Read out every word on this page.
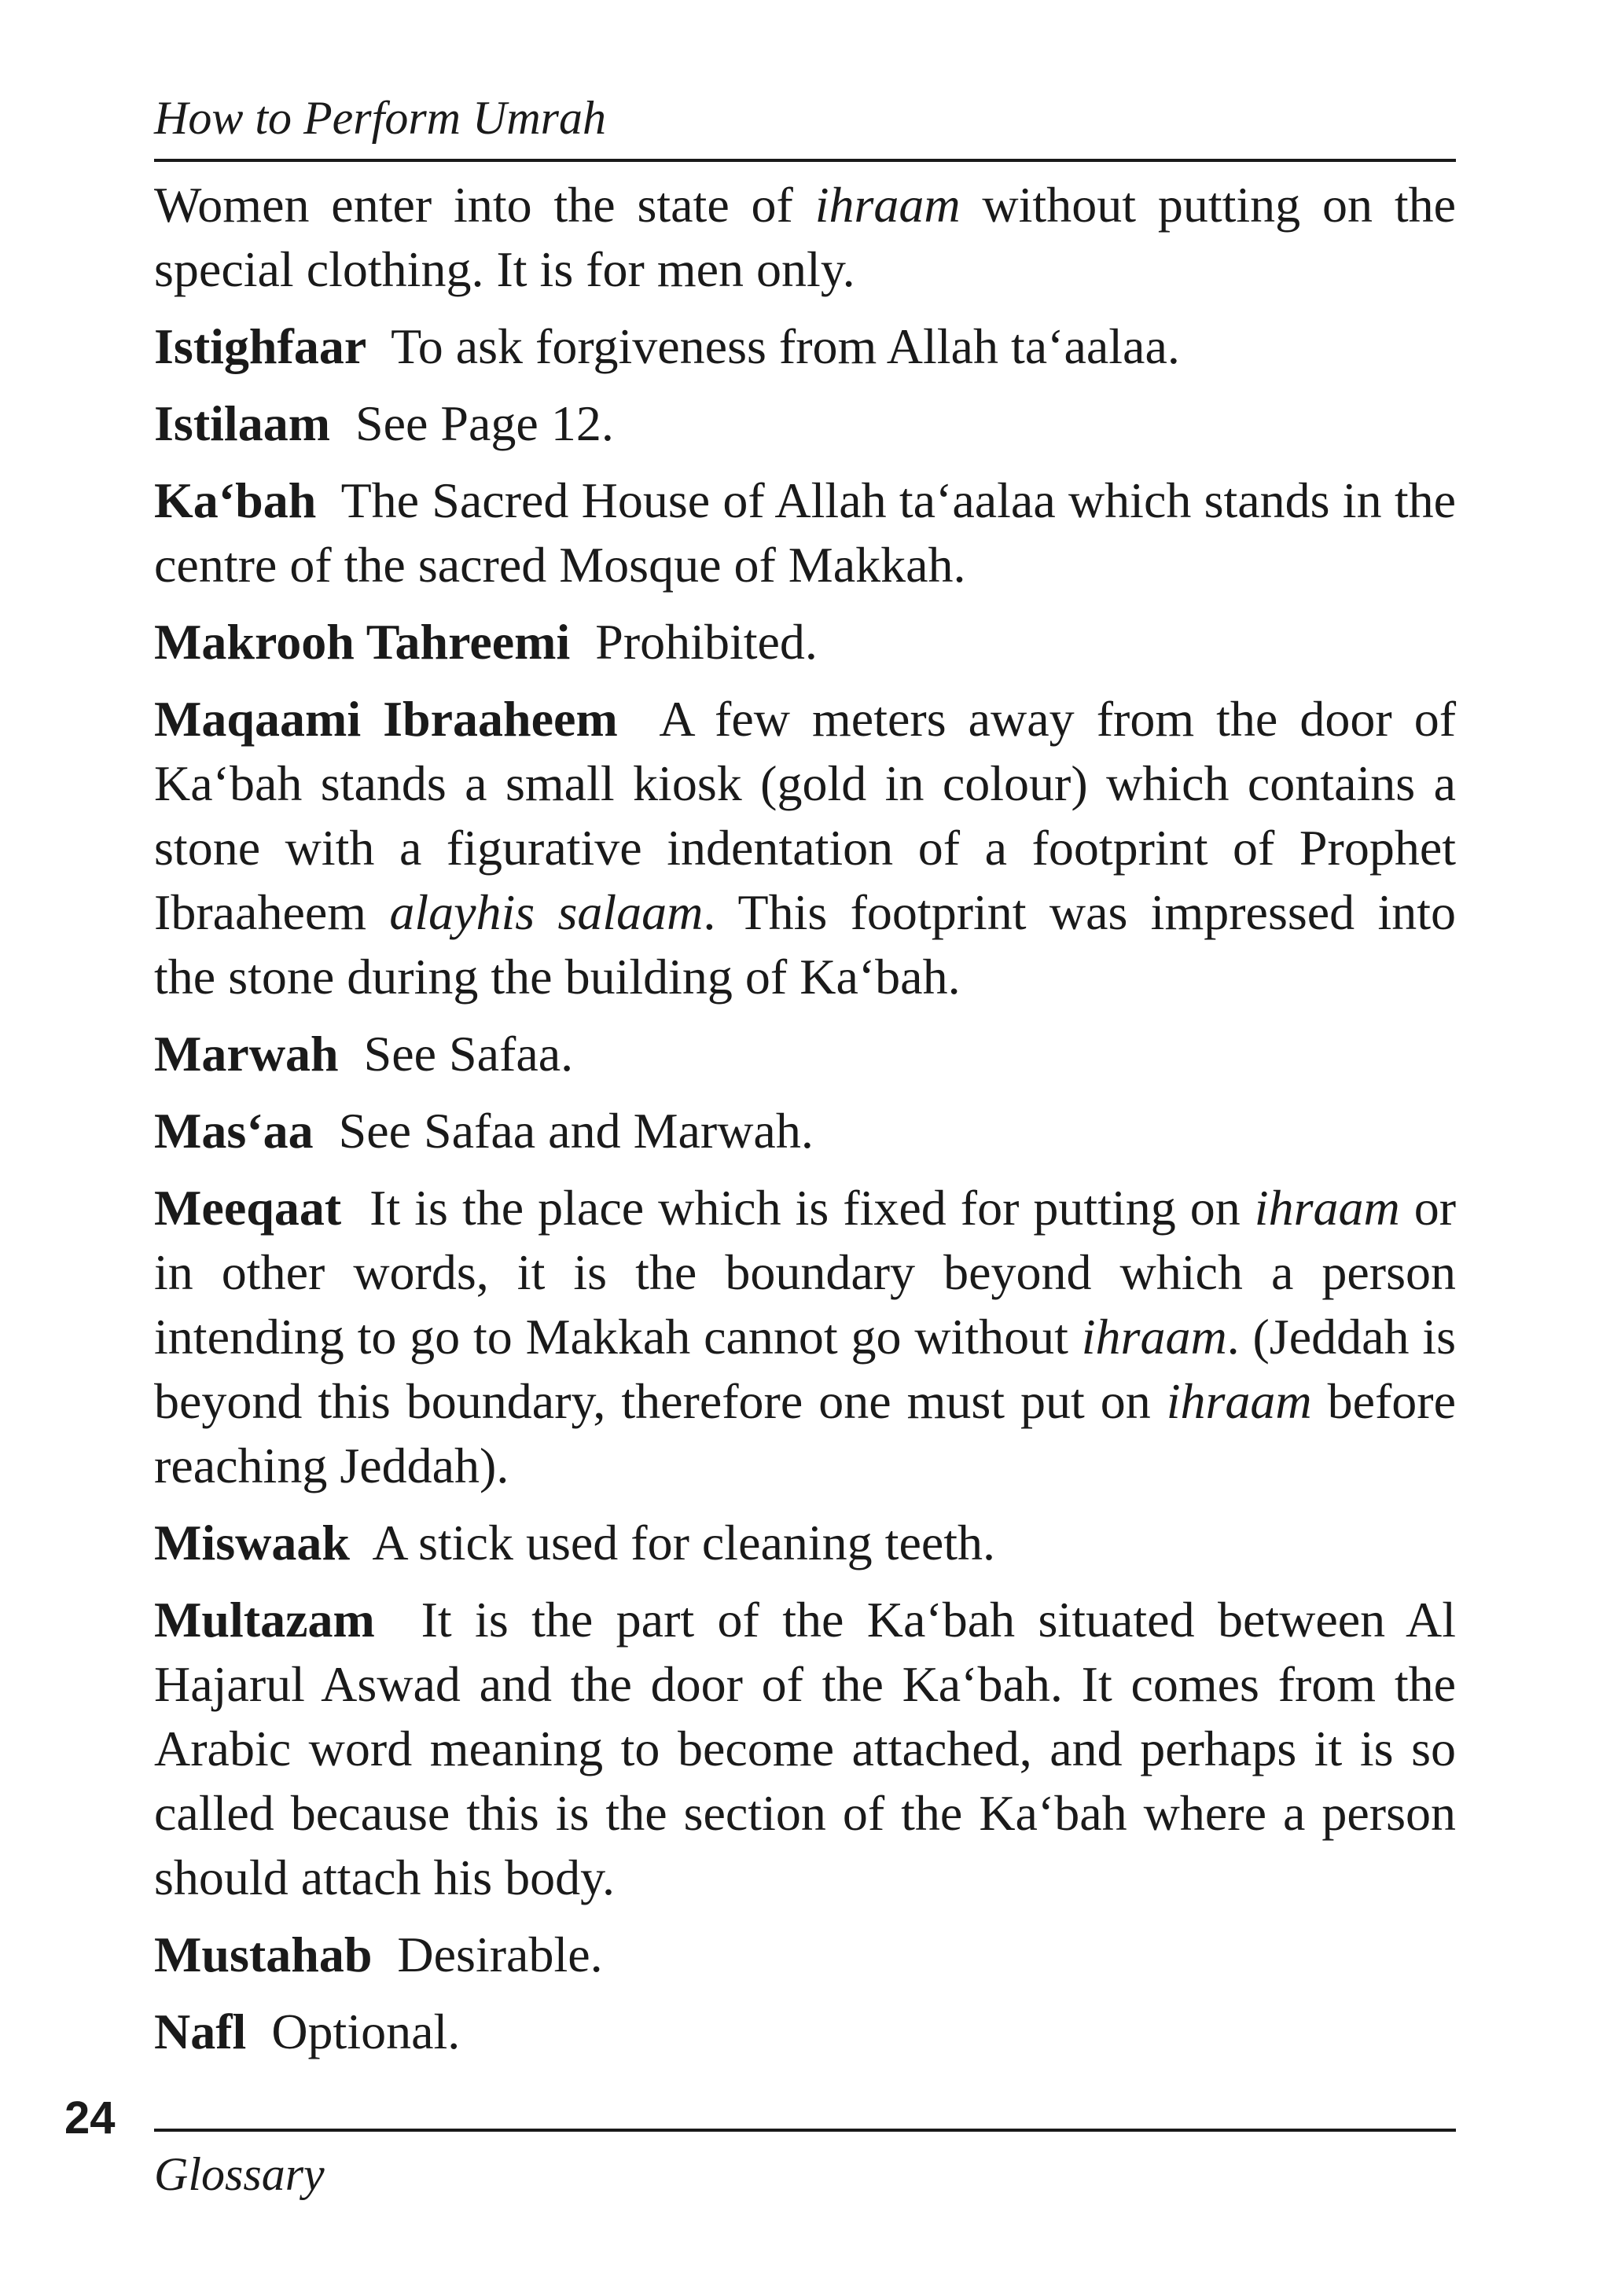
How to Perform Umrah

Women enter into the state of ihraam without putting on the special clothing. It is for men only.

Istighfaar To ask forgiveness from Allah ta‘aalaa.

Istilaam See Page 12.

Ka‘bah The Sacred House of Allah ta‘aalaa which stands in the centre of the sacred Mosque of Makkah.

Makrooh Tahreemi Prohibited.

Maqaami Ibraaheem A few meters away from the door of Ka‘bah stands a small kiosk (gold in colour) which contains a stone with a figurative indentation of a footprint of Prophet Ibraaheem alayhis salaam. This footprint was impressed into the stone during the building of Ka‘bah.

Marwah See Safaa.

Mas‘aa See Safaa and Marwah.

Meeqaat It is the place which is fixed for putting on ihraam or in other words, it is the boundary beyond which a person intending to go to Makkah cannot go without ihraam. (Jeddah is beyond this boundary, therefore one must put on ihraam before reaching Jeddah).

Miswaak A stick used for cleaning teeth.

Multazam It is the part of the Ka‘bah situated between Al Hajarul Aswad and the door of the Ka‘bah. It comes from the Arabic word meaning to become attached, and perhaps it is so called because this is the section of the Ka‘bah where a person should attach his body.

Mustahab Desirable.

Nafl Optional.

24
Glossary
